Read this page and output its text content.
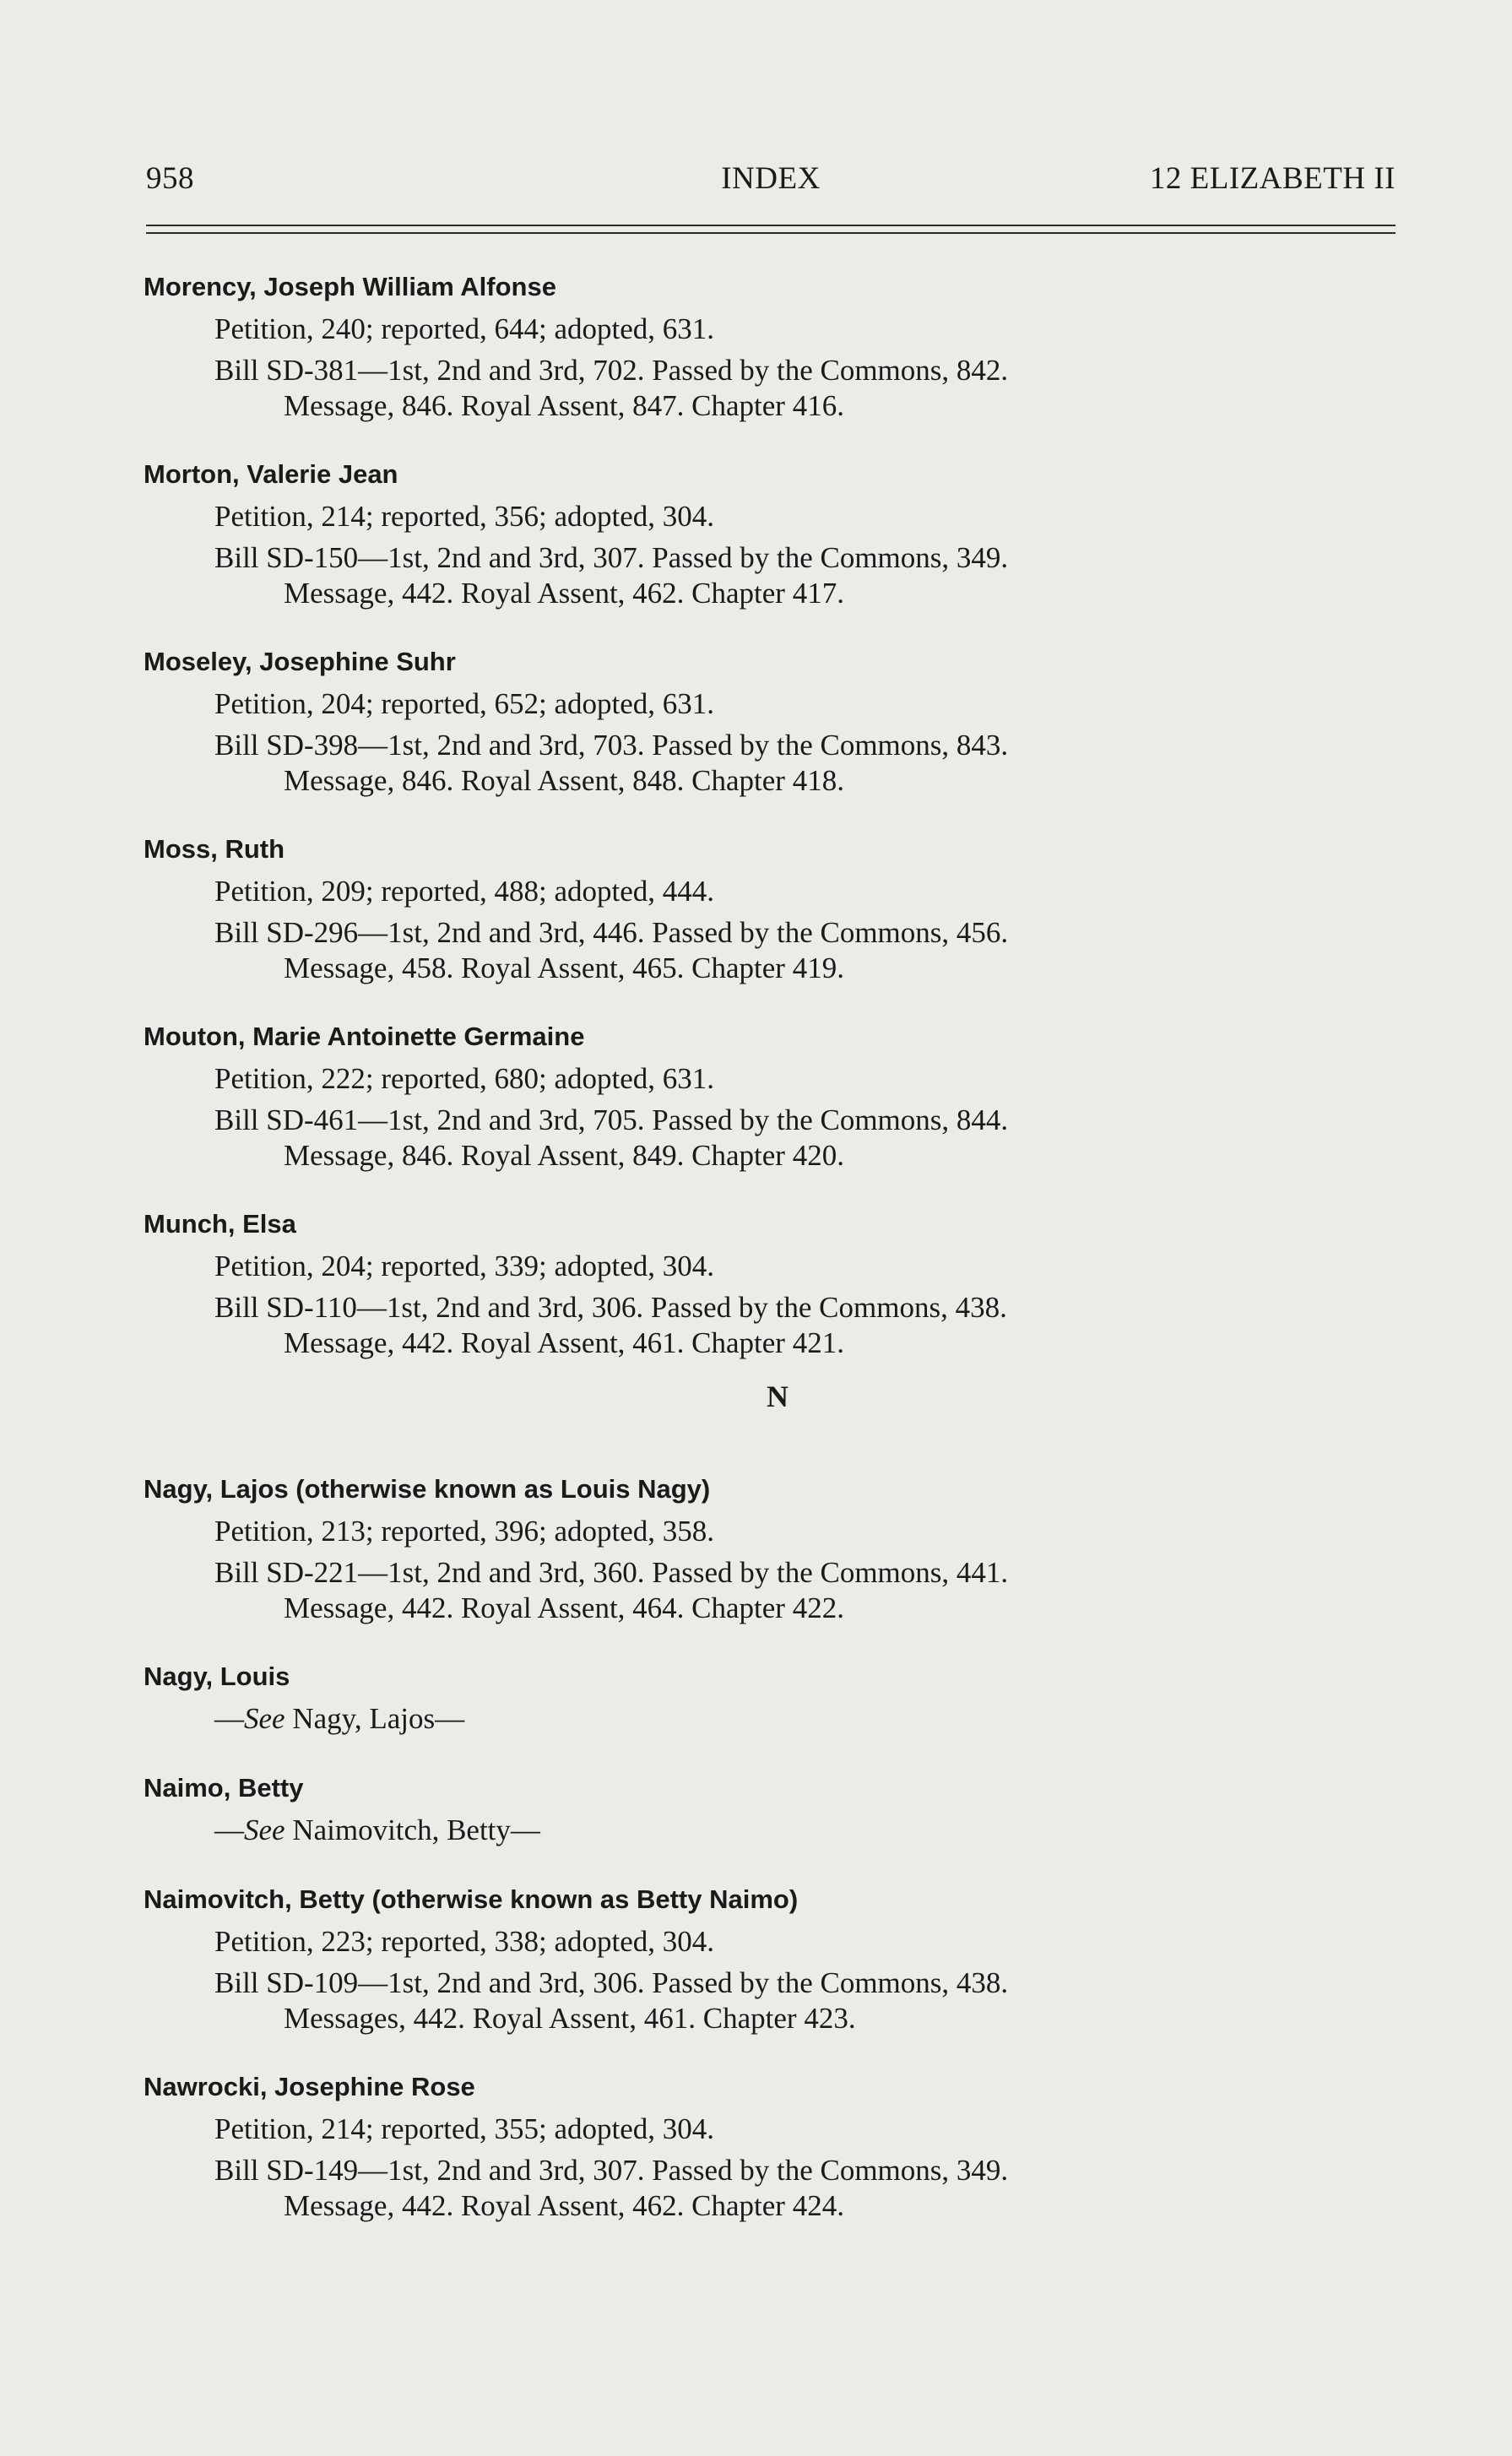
958	INDEX	12 ELIZABETH II
Morency, Joseph William Alfonse
Petition, 240; reported, 644; adopted, 631.
Bill SD-381—1st, 2nd and 3rd, 702. Passed by the Commons, 842.
Message, 846. Royal Assent, 847. Chapter 416.
Morton, Valerie Jean
Petition, 214; reported, 356; adopted, 304.
Bill SD-150—1st, 2nd and 3rd, 307. Passed by the Commons, 349.
Message, 442. Royal Assent, 462. Chapter 417.
Moseley, Josephine Suhr
Petition, 204; reported, 652; adopted, 631.
Bill SD-398—1st, 2nd and 3rd, 703. Passed by the Commons, 843.
Message, 846. Royal Assent, 848. Chapter 418.
Moss, Ruth
Petition, 209; reported, 488; adopted, 444.
Bill SD-296—1st, 2nd and 3rd, 446. Passed by the Commons, 456.
Message, 458. Royal Assent, 465. Chapter 419.
Mouton, Marie Antoinette Germaine
Petition, 222; reported, 680; adopted, 631.
Bill SD-461—1st, 2nd and 3rd, 705. Passed by the Commons, 844.
Message, 846. Royal Assent, 849. Chapter 420.
Munch, Elsa
Petition, 204; reported, 339; adopted, 304.
Bill SD-110—1st, 2nd and 3rd, 306. Passed by the Commons, 438.
Message, 442. Royal Assent, 461. Chapter 421.
N
Nagy, Lajos (otherwise known as Louis Nagy)
Petition, 213; reported, 396; adopted, 358.
Bill SD-221—1st, 2nd and 3rd, 360. Passed by the Commons, 441.
Message, 442. Royal Assent, 464. Chapter 422.
Nagy, Louis
—See Nagy, Lajos—
Naimo, Betty
—See Naimovitch, Betty—
Naimovitch, Betty (otherwise known as Betty Naimo)
Petition, 223; reported, 338; adopted, 304.
Bill SD-109—1st, 2nd and 3rd, 306. Passed by the Commons, 438.
Messages, 442. Royal Assent, 461. Chapter 423.
Nawrocki, Josephine Rose
Petition, 214; reported, 355; adopted, 304.
Bill SD-149—1st, 2nd and 3rd, 307. Passed by the Commons, 349.
Message, 442. Royal Assent, 462. Chapter 424.
